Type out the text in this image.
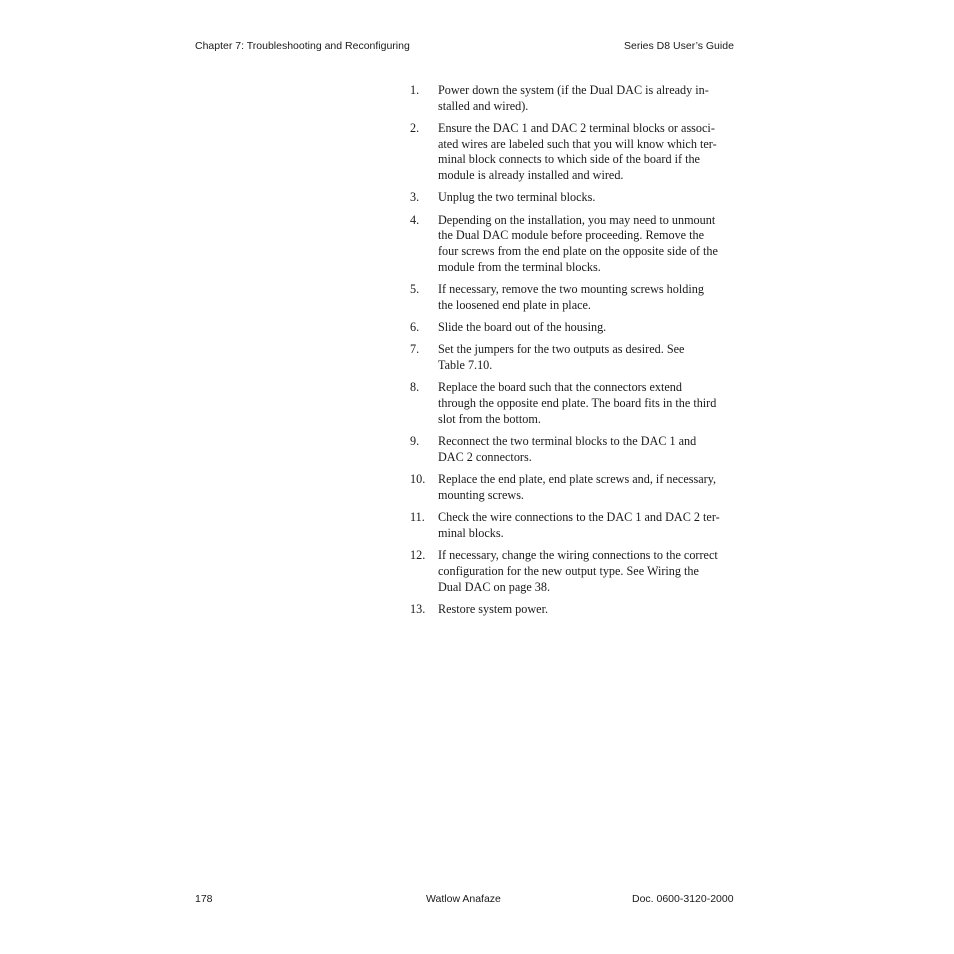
Chapter 7: Troubleshooting and Reconfiguring	Series D8 User’s Guide
1. Power down the system (if the Dual DAC is already in-
stalled and wired).
2. Ensure the DAC 1 and DAC 2 terminal blocks or associ-
ated wires are labeled such that you will know which ter-
minal block connects to which side of the board if the
module is already installed and wired.
3. Unplug the two terminal blocks.
4. Depending on the installation, you may need to unmount
the Dual DAC module before proceeding. Remove the
four screws from the end plate on the opposite side of the
module from the terminal blocks.
5. If necessary, remove the two mounting screws holding
the loosened end plate in place.
6. Slide the board out of the housing.
7. Set the jumpers for the two outputs as desired. See
Table 7.10.
8. Replace the board such that the connectors extend
through the opposite end plate. The board fits in the third
slot from the bottom.
9. Reconnect the two terminal blocks to the DAC 1 and
DAC 2 connectors.
10. Replace the end plate, end plate screws and, if necessary,
mounting screws.
11. Check the wire connections to the DAC 1 and DAC 2 ter-
minal blocks.
12. If necessary, change the wiring connections to the correct
configuration for the new output type. See Wiring the
Dual DAC on page 38.
13. Restore system power.
178	Watlow Anafaze	Doc. 0600-3120-2000
